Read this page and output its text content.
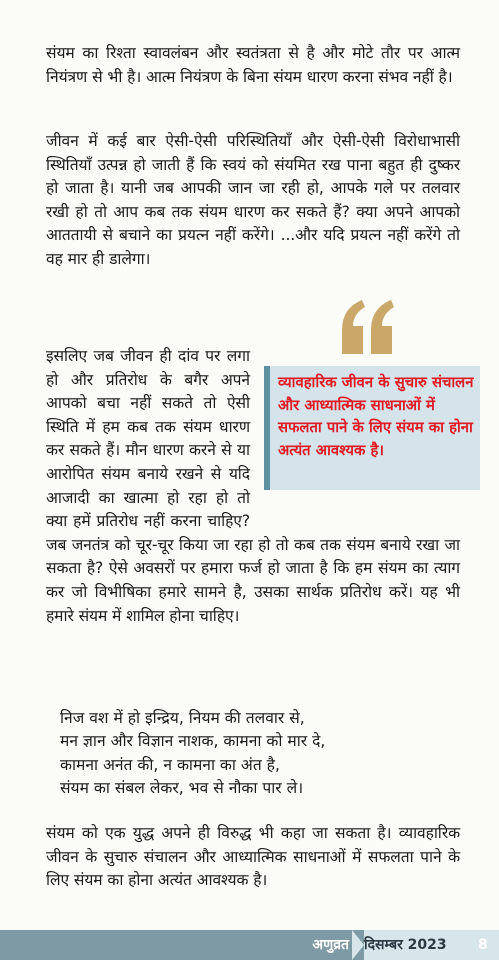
संयम का रिश्ता स्वावलंबन और स्वतंत्रता से है और मोटे तौर पर आत्म नियंत्रण से भी है। आत्म नियंत्रण के बिना संयम धारण करना संभव नहीं है।

जीवन में कई बार ऐसी-ऐसी परिस्थितियाँ और ऐसी-ऐसी विरोधाभासी स्थितियाँ उत्पन्न हो जाती हैं कि स्वयं को संयमित रख पाना बहुत ही दुष्कर हो जाता है। यानी जब आपकी जान जा रही हो, आपके गले पर तलवार रखी हो तो आप कब तक संयम धारण कर सकते हैं? क्या अपने आपको आततायी से बचाने का प्रयत्न नहीं करेंगे। ...और यदि प्रयत्न नहीं करेंगे तो वह मार ही डालेगा।

इसलिए जब जीवन ही दांव पर लगा हो और प्रतिरोध के बगैर अपने आपको बचा नहीं सकते तो ऐसी स्थिति में हम कब तक संयम धारण कर सकते हैं। मौन धारण करने से या आरोपित संयम बनाये रखने से यदि आजादी का खात्मा हो रहा हो तो क्या हमें प्रतिरोध नहीं करना चाहिए? जब जनतंत्र को चूर-चूर किया जा रहा हो तो कब तक संयम बनाये रखा जा सकता है? ऐसे अवसरों पर हमारा फर्ज हो जाता है कि हम संयम का त्याग कर जो विभीषिका हमारे सामने है, उसका सार्थक प्रतिरोध करें। यह भी हमारे संयम में शामिल होना चाहिए।

व्यावहारिक जीवन के सुचारु संचालन और आध्यात्मिक साधनाओं में सफलता पाने के लिए संयम का होना अत्यंत आवश्यक है।
निज वश में हो इन्द्रिय, नियम की तलवार से,
मन ज्ञान और विज्ञान नाशक, कामना को मार दे,
कामना अनंत की, न कामना का अंत है,
संयम का संबल लेकर, भव से नौका पार ले।

संयम को एक युद्ध अपने ही विरुद्ध भी कहा जा सकता है। व्यावहारिक जीवन के सुचारु संचालन और आध्यात्मिक साधनाओं में सफलता पाने के लिए संयम का होना अत्यंत आवश्यक है।

अणुव्रत दिसम्बर 2023 8
